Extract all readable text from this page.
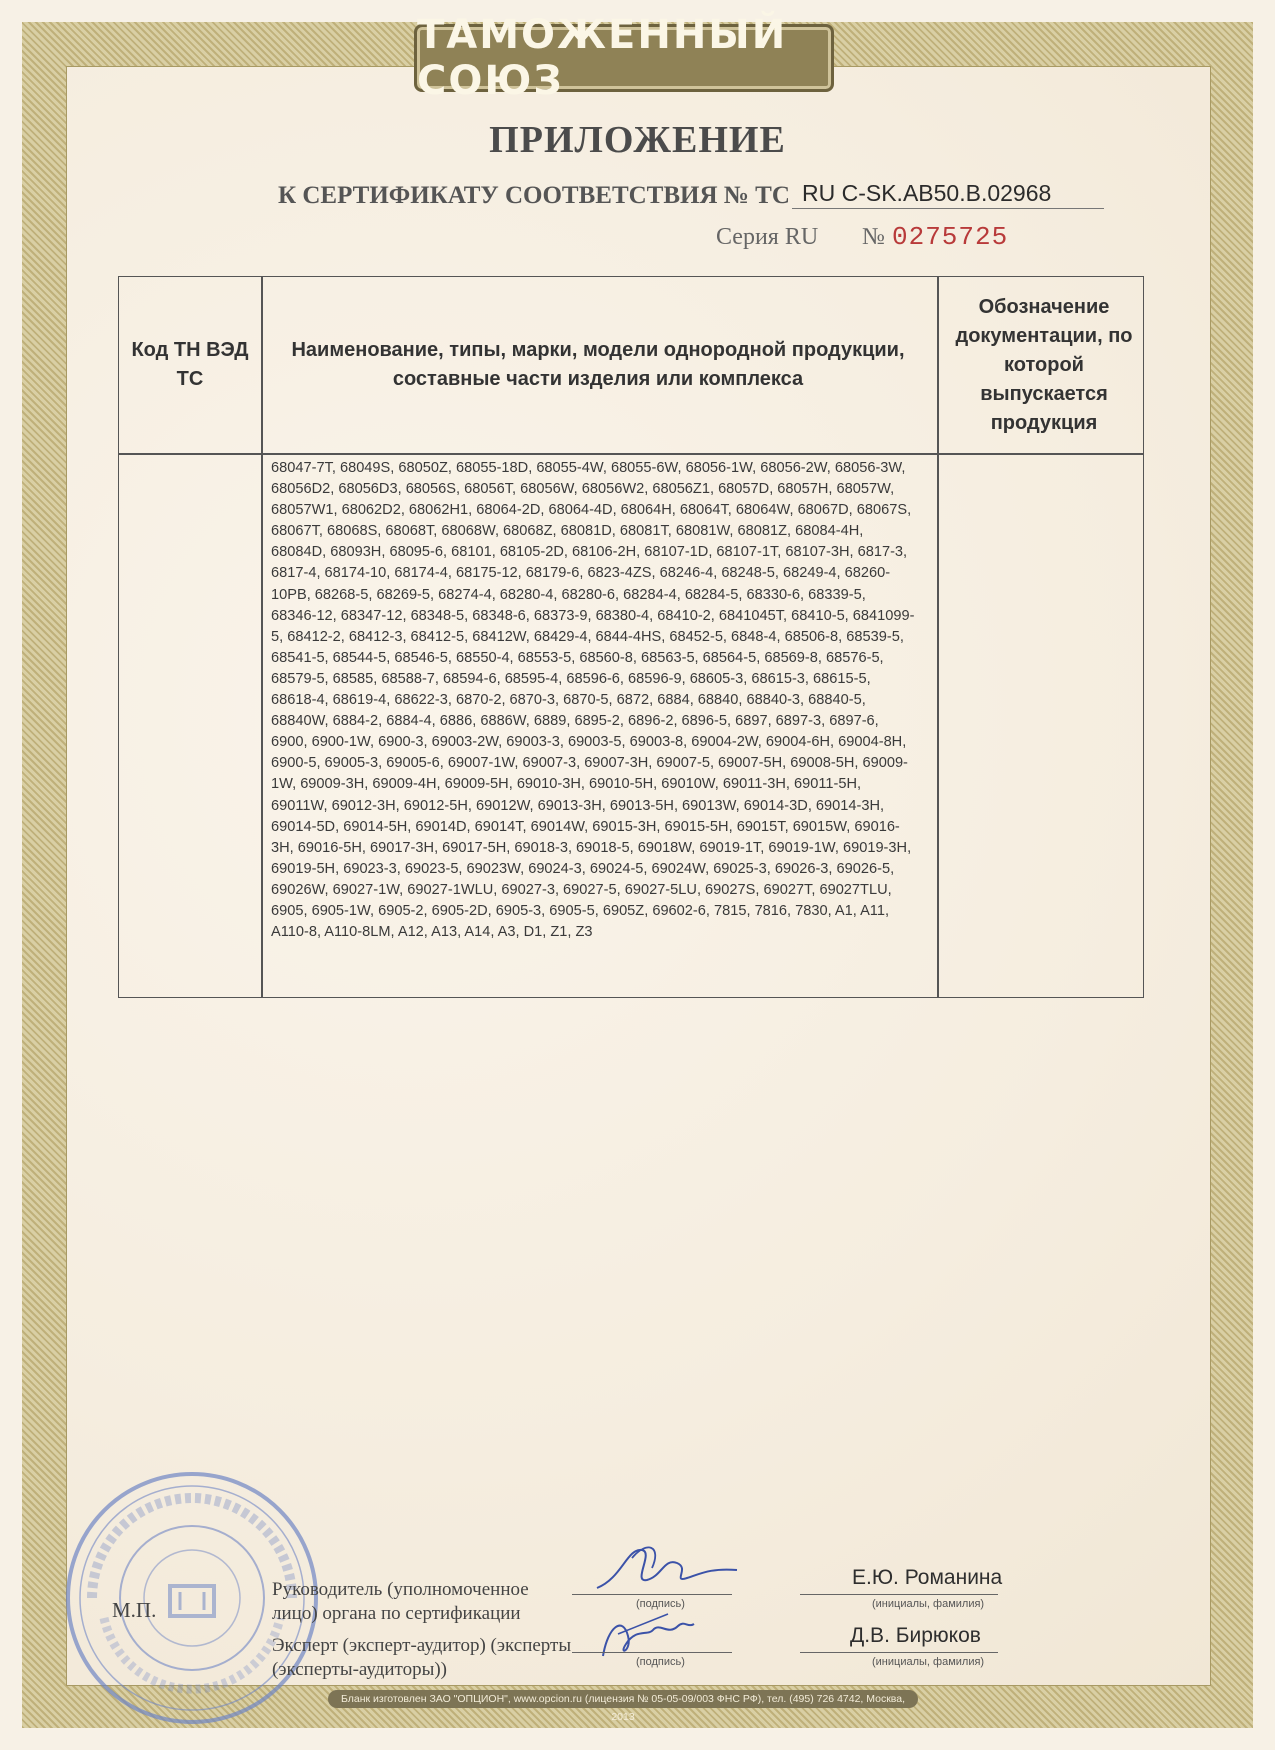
ТАМОЖЕННЫЙ СОЮЗ
ПРИЛОЖЕНИЕ
К СЕРТИФИКАТУ СООТВЕТСТВИЯ № ТС RU C-SK.AB50.B.02968
Серия RU № 0275725
Код ТН ВЭД ТС
Наименование, типы, марки, модели однородной продукции, составные части изделия или комплекса
Обозначение документации, по которой выпускается продукция
68047-7T, 68049S, 68050Z, 68055-18D, 68055-4W, 68055-6W, 68056-1W, 68056-2W, 68056-3W, 68056D2, 68056D3, 68056S, 68056T, 68056W, 68056W2, 68056Z1, 68057D, 68057H, 68057W, 68057W1, 68062D2, 68062H1, 68064-2D, 68064-4D, 68064H, 68064T, 68064W, 68067D, 68067S, 68067T, 68068S, 68068T, 68068W, 68068Z, 68081D, 68081T, 68081W, 68081Z, 68084-4H, 68084D, 68093H, 68095-6, 68101, 68105-2D, 68106-2H, 68107-1D, 68107-1T, 68107-3H, 6817-3, 6817-4, 68174-10, 68174-4, 68175-12, 68179-6, 6823-4ZS, 68246-4, 68248-5, 68249-4, 68260-10PB, 68268-5, 68269-5, 68274-4, 68280-4, 68280-6, 68284-4, 68284-5, 68330-6, 68339-5, 68346-12, 68347-12, 68348-5, 68348-6, 68373-9, 68380-4, 68410-2, 6841045T, 68410-5, 6841099-5, 68412-2, 68412-3, 68412-5, 68412W, 68429-4, 6844-4HS, 68452-5, 6848-4, 68506-8, 68539-5, 68541-5, 68544-5, 68546-5, 68550-4, 68553-5, 68560-8, 68563-5, 68564-5, 68569-8, 68576-5, 68579-5, 68585, 68588-7, 68594-6, 68595-4, 68596-6, 68596-9, 68605-3, 68615-3, 68615-5, 68618-4, 68619-4, 68622-3, 6870-2, 6870-3, 6870-5, 6872, 6884, 68840, 68840-3, 68840-5, 68840W, 6884-2, 6884-4, 6886, 6886W, 6889, 6895-2, 6896-2, 6896-5, 6897, 6897-3, 6897-6, 6900, 6900-1W, 6900-3, 69003-2W, 69003-3, 69003-5, 69003-8, 69004-2W, 69004-6H, 69004-8H, 6900-5, 69005-3, 69005-6, 69007-1W, 69007-3, 69007-3H, 69007-5, 69007-5H, 69008-5H, 69009-1W, 69009-3H, 69009-4H, 69009-5H, 69010-3H, 69010-5H, 69010W, 69011-3H, 69011-5H, 69011W, 69012-3H, 69012-5H, 69012W, 69013-3H, 69013-5H, 69013W, 69014-3D, 69014-3H, 69014-5D, 69014-5H, 69014D, 69014T, 69014W, 69015-3H, 69015-5H, 69015T, 69015W, 69016-3H, 69016-5H, 69017-3H, 69017-5H, 69018-3, 69018-5, 69018W, 69019-1T, 69019-1W, 69019-3H, 69019-5H, 69023-3, 69023-5, 69023W, 69024-3, 69024-5, 69024W, 69025-3, 69026-3, 69026-5, 69026W, 69027-1W, 69027-1WLU, 69027-3, 69027-5, 69027-5LU, 69027S, 69027T, 69027TLU, 6905, 6905-1W, 6905-2, 6905-2D, 6905-3, 6905-5, 6905Z, 69602-6, 7815, 7816, 7830, A1, A11, A110-8, A110-8LM, A12, A13, A14, A3, D1, Z1, Z3
М.П.
Руководитель (уполномоченное лицо) органа по сертификации
Эксперт (эксперт-аудитор) (эксперты (эксперты-аудиторы))
(подпись)
(подпись)
Е.Ю. Романина
Д.В. Бирюков
(инициалы, фамилия)
(инициалы, фамилия)
Бланк изготовлен ЗАО "ОПЦИОН", www.opcion.ru (лицензия № 05-05-09/003 ФНС РФ), тел. (495) 726 4742, Москва, 2013
